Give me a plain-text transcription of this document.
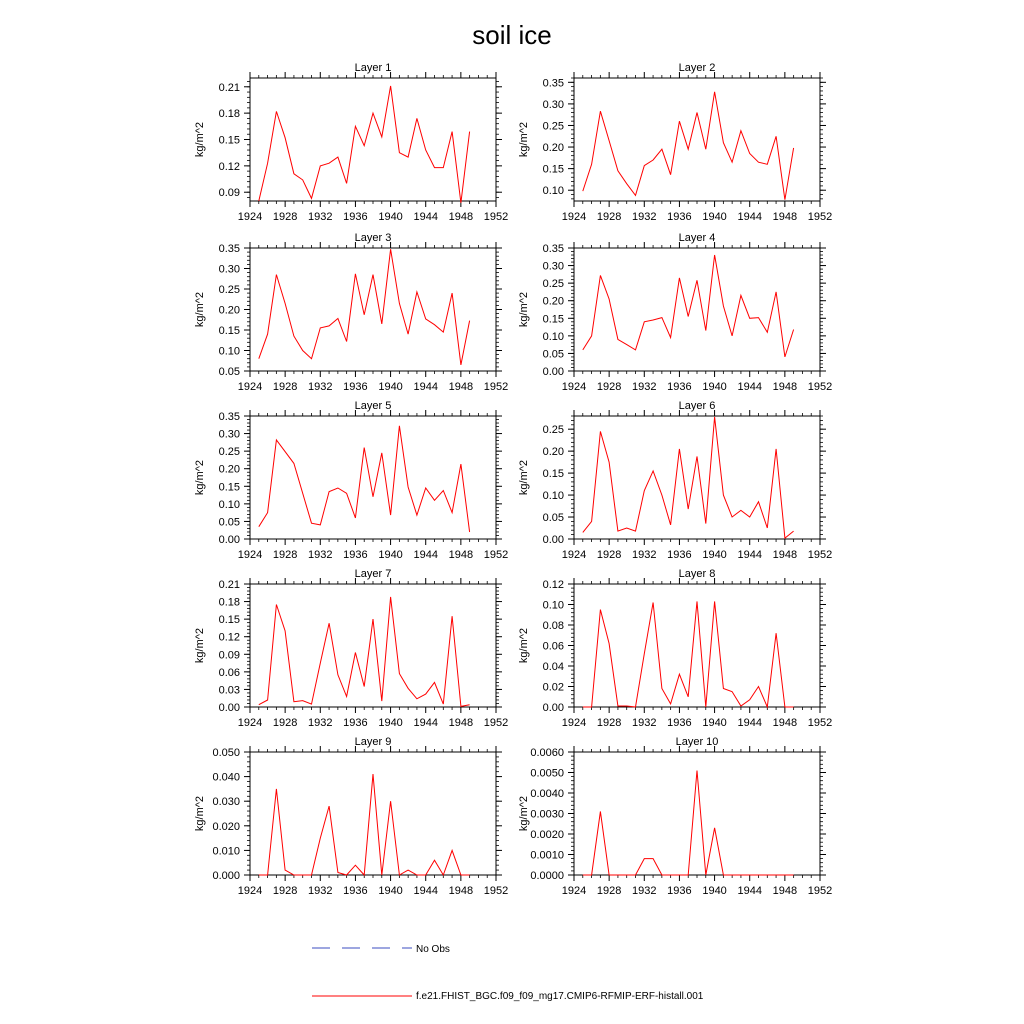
soil ice
Layer 1
1924 1928 1932 1936 1940 1944 1948 1952
0.09
0.12
0.15
0.18
0.21
kg/m^2
Layer 2
1924 1928 1932 1936 1940 1944 1948 1952
0.10
0.15
0.20
0.25
0.30
0.35
kg/m^2
Layer 3
1924 1928 1932 1936 1940 1944 1948 1952
0.05
0.10
0.15
0.20
0.25
0.30
0.35
kg/m^2
Layer 4
1924 1928 1932 1936 1940 1944 1948 1952
0.00
0.05
0.10
0.15
0.20
0.25
0.30
0.35
kg/m^2
Layer 5
1924 1928 1932 1936 1940 1944 1948 1952
0.00
0.05
0.10
0.15
0.20
0.25
0.30
0.35
kg/m^2
Layer 6
1924 1928 1932 1936 1940 1944 1948 1952
0.00
0.05
0.10
0.15
0.20
0.25
kg/m^2
Layer 7
1924 1928 1932 1936 1940 1944 1948 1952
0.00
0.03
0.06
0.09
0.12
0.15
0.18
0.21
kg/m^2
Layer 8
1924 1928 1932 1936 1940 1944 1948 1952
0.00
0.02
0.04
0.06
0.08
0.10
0.12
kg/m^2
Layer 9
1924 1928 1932 1936 1940 1944 1948 1952
0.000
0.010
0.020
0.030
0.040
0.050
kg/m^2
Layer 10
1924 1928 1932 1936 1940 1944 1948 1952
0.0000
0.0010
0.0020
0.0030
0.0040
0.0050
0.0060
kg/m^2
No Obs
f.e21.FHIST_BGC.f09_f09_mg17.CMIP6-RFMIP-ERF-histall.001
